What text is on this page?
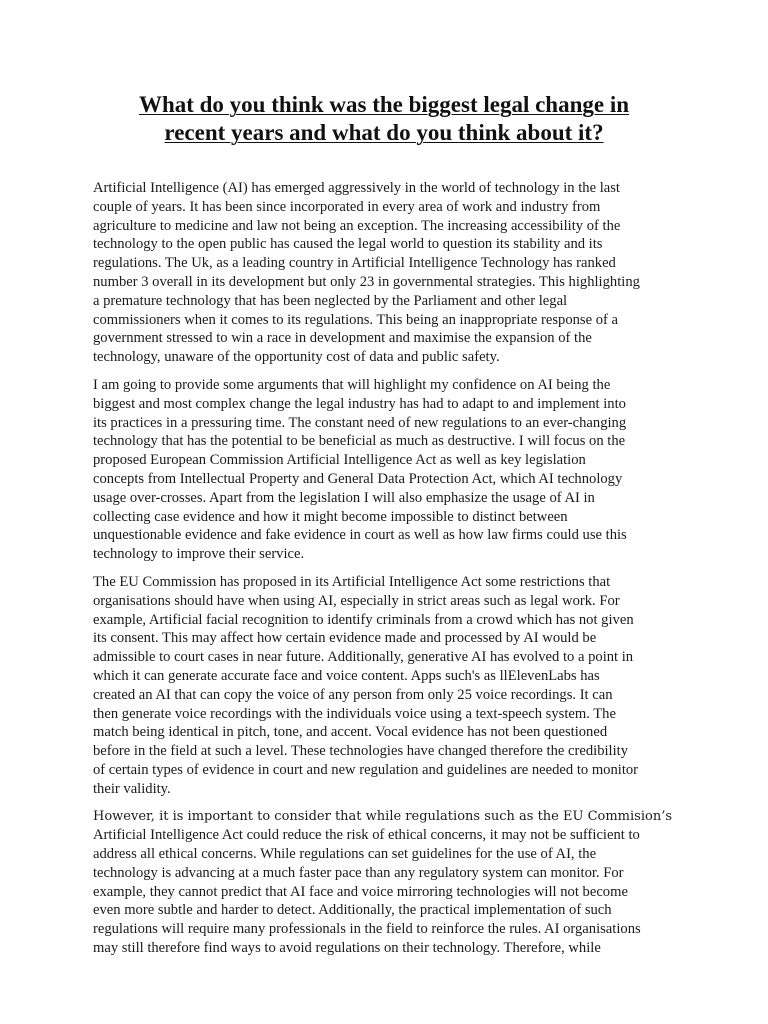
What do you think was the biggest legal change in
recent years and what do you think about it?

Artificial Intelligence (AI) has emerged aggressively in the world of technology in the last
couple of years. It has been since incorporated in every area of work and industry from
agriculture to medicine and law not being an exception. The increasing accessibility of the
technology to the open public has caused the legal world to question its stability and its
regulations. The Uk, as a leading country in Artificial Intelligence Technology has ranked
number 3 overall in its development but only 23 in governmental strategies. This highlighting
a premature technology that has been neglected by the Parliament and other legal
commissioners when it comes to its regulations. This being an inappropriate response of a
government stressed to win a race in development and maximise the expansion of the
technology, unaware of the opportunity cost of data and public safety.

I am going to provide some arguments that will highlight my confidence on AI being the
biggest and most complex change the legal industry has had to adapt to and implement into
its practices in a pressuring time. The constant need of new regulations to an ever-changing
technology that has the potential to be beneficial as much as destructive. I will focus on the
proposed European Commission Artificial Intelligence Act as well as key legislation
concepts from Intellectual Property and General Data Protection Act, which AI technology
usage over-crosses. Apart from the legislation I will also emphasize the usage of AI in
collecting case evidence and how it might become impossible to distinct between
unquestionable evidence and fake evidence in court as well as how law firms could use this
technology to improve their service.

The EU Commission has proposed in its Artificial Intelligence Act some restrictions that
organisations should have when using AI, especially in strict areas such as legal work. For
example, Artificial facial recognition to identify criminals from a crowd which has not given
its consent. This may affect how certain evidence made and processed by AI would be
admissible to court cases in near future. Additionally, generative AI has evolved to a point in
which it can generate accurate face and voice content. Apps such's as llElevenLabs has
created an AI that can copy the voice of any person from only 25 voice recordings. It can
then generate voice recordings with the individuals voice using a text-speech system. The
match being identical in pitch, tone, and accent. Vocal evidence has not been questioned
before in the field at such a level. These technologies have changed therefore the credibility
of certain types of evidence in court and new regulation and guidelines are needed to monitor
their validity.

However, it is important to consider that while regulations such as the EU Commision’s
Artificial Intelligence Act could reduce the risk of ethical concerns, it may not be sufficient to
address all ethical concerns. While regulations can set guidelines for the use of AI, the
technology is advancing at a much faster pace than any regulatory system can monitor. For
example, they cannot predict that AI face and voice mirroring technologies will not become
even more subtle and harder to detect. Additionally, the practical implementation of such
regulations will require many professionals in the field to reinforce the rules. AI organisations
may still therefore find ways to avoid regulations on their technology. Therefore, while
